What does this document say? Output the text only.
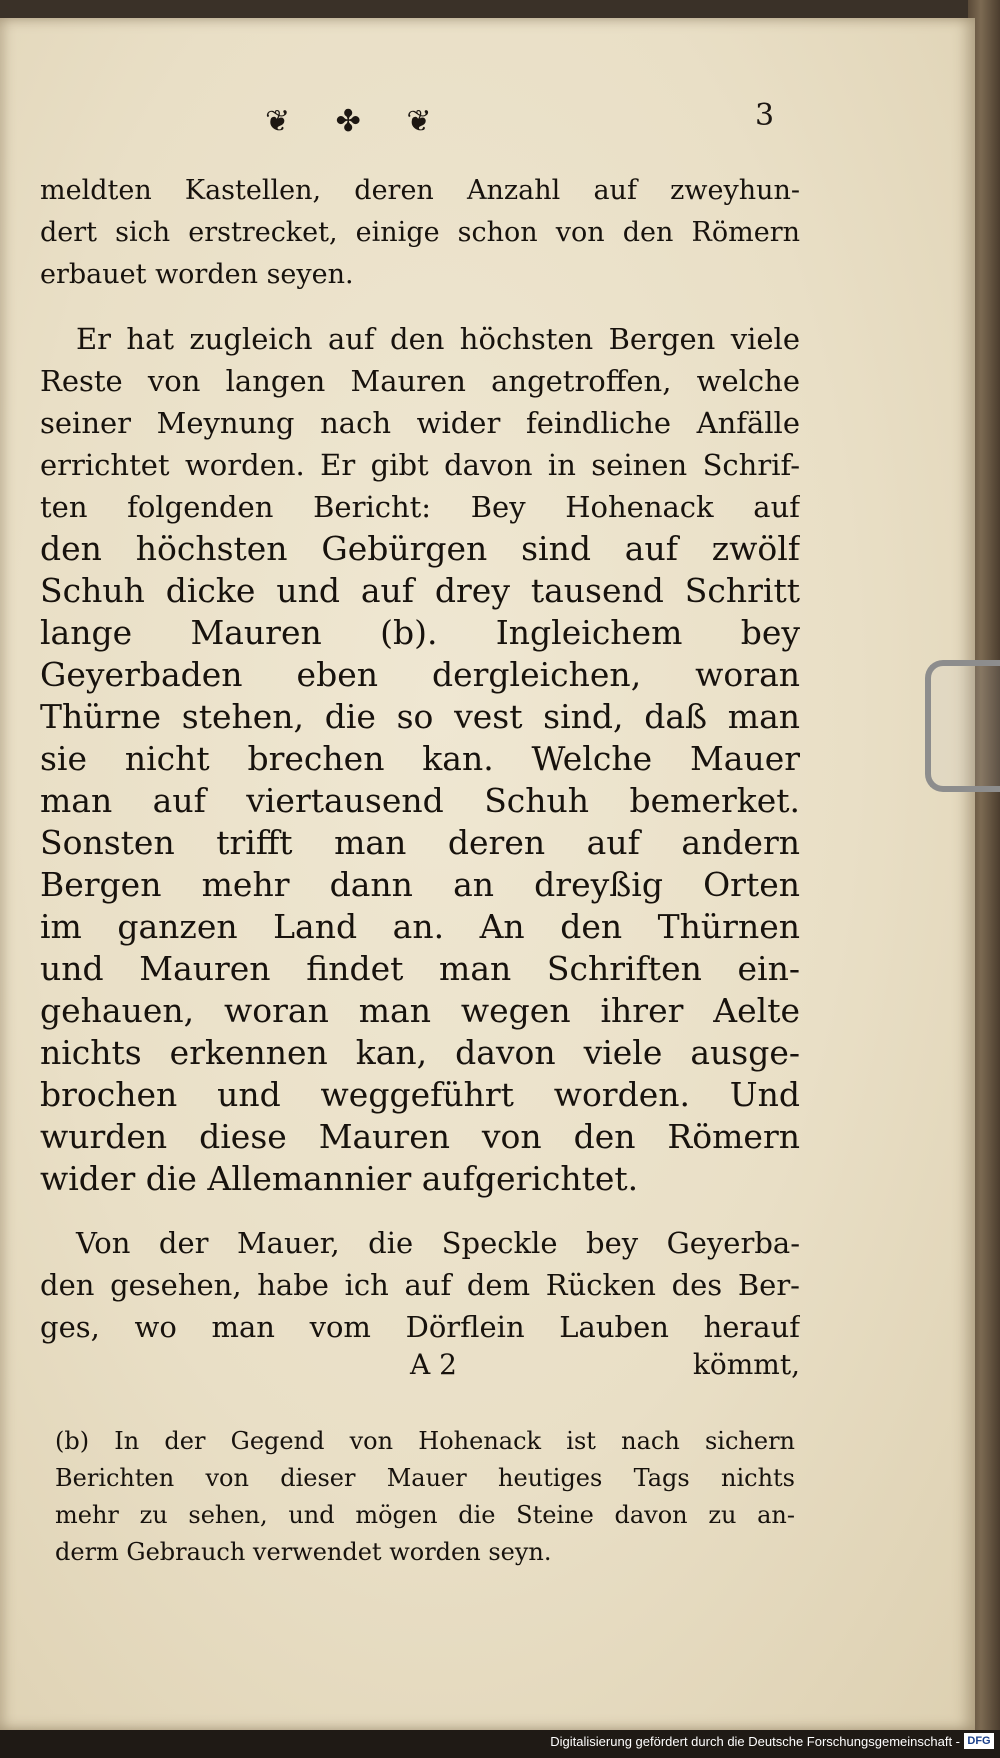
❦ ✤ ❦	3
meldten Kastellen, deren Anzahl auf zweyhun-
dert sich erstrecket, einige schon von den Römern
erbauet worden seyen.
Er hat zugleich auf den höchsten Bergen viele
Reste von langen Mauren angetroffen, welche
seiner Meynung nach wider feindliche Anfälle
errichtet worden. Er gibt davon in seinen Schrif-
ten folgenden Bericht: Bey Hohenack auf
den höchsten Gebürgen sind auf zwölf
Schuh dicke und auf drey tausend Schritt
lange Mauren (b). Ingleichem bey
Geyerbaden eben dergleichen, woran
Thürne stehen, die so vest sind, daß man
sie nicht brechen kan. Welche Mauer
man auf viertausend Schuh bemerket.
Sonsten trifft man deren auf andern
Bergen mehr dann an dreyßig Orten
im ganzen Land an. An den Thürnen
und Mauren findet man Schriften ein-
gehauen, woran man wegen ihrer Aelte
nichts erkennen kan, davon viele ausge-
brochen und weggeführt worden. Und
wurden diese Mauren von den Römern
wider die Allemannier aufgerichtet.
Von der Mauer, die Speckle bey Geyerba-
den gesehen, habe ich auf dem Rücken des Ber-
ges, wo man vom Dörflein Lauben herauf
A 2	kömmt,
(b) In der Gegend von Hohenack ist nach sichern
Berichten von dieser Mauer heutiges Tags nichts
mehr zu sehen, und mögen die Steine davon zu an-
derm Gebrauch verwendet worden seyn.
Digitalisierung gefördert durch die Deutsche Forschungsgemeinschaft - DFG
